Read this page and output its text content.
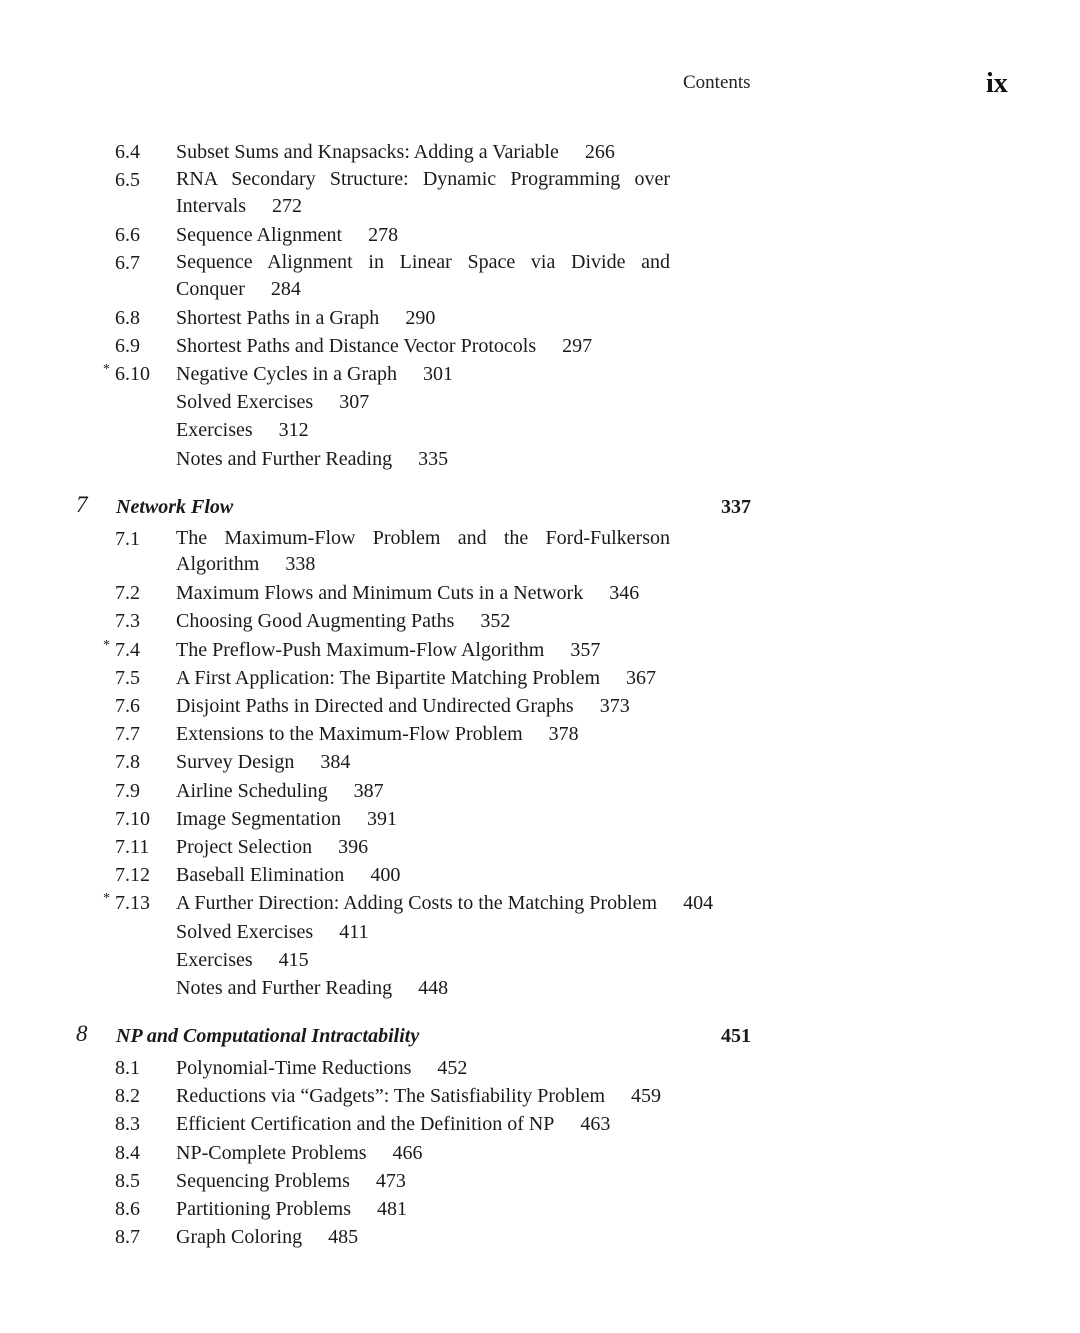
Contents	ix
6.4 Subset Sums and Knapsacks: Adding a Variable 266
6.5 RNA Secondary Structure: Dynamic Programming over Intervals 272
6.6 Sequence Alignment 278
6.7 Sequence Alignment in Linear Space via Divide and Conquer 284
6.8 Shortest Paths in a Graph 290
6.9 Shortest Paths and Distance Vector Protocols 297
* 6.10 Negative Cycles in a Graph 301
Solved Exercises 307
Exercises 312
Notes and Further Reading 335
7 Network Flow	337
7.1 The Maximum-Flow Problem and the Ford-Fulkerson Algorithm 338
7.2 Maximum Flows and Minimum Cuts in a Network 346
7.3 Choosing Good Augmenting Paths 352
* 7.4 The Preflow-Push Maximum-Flow Algorithm 357
7.5 A First Application: The Bipartite Matching Problem 367
7.6 Disjoint Paths in Directed and Undirected Graphs 373
7.7 Extensions to the Maximum-Flow Problem 378
7.8 Survey Design 384
7.9 Airline Scheduling 387
7.10 Image Segmentation 391
7.11 Project Selection 396
7.12 Baseball Elimination 400
* 7.13 A Further Direction: Adding Costs to the Matching Problem 404
Solved Exercises 411
Exercises 415
Notes and Further Reading 448
8 NP and Computational Intractability	451
8.1 Polynomial-Time Reductions 452
8.2 Reductions via “Gadgets”: The Satisfiability Problem 459
8.3 Efficient Certification and the Definition of NP 463
8.4 NP-Complete Problems 466
8.5 Sequencing Problems 473
8.6 Partitioning Problems 481
8.7 Graph Coloring 485
